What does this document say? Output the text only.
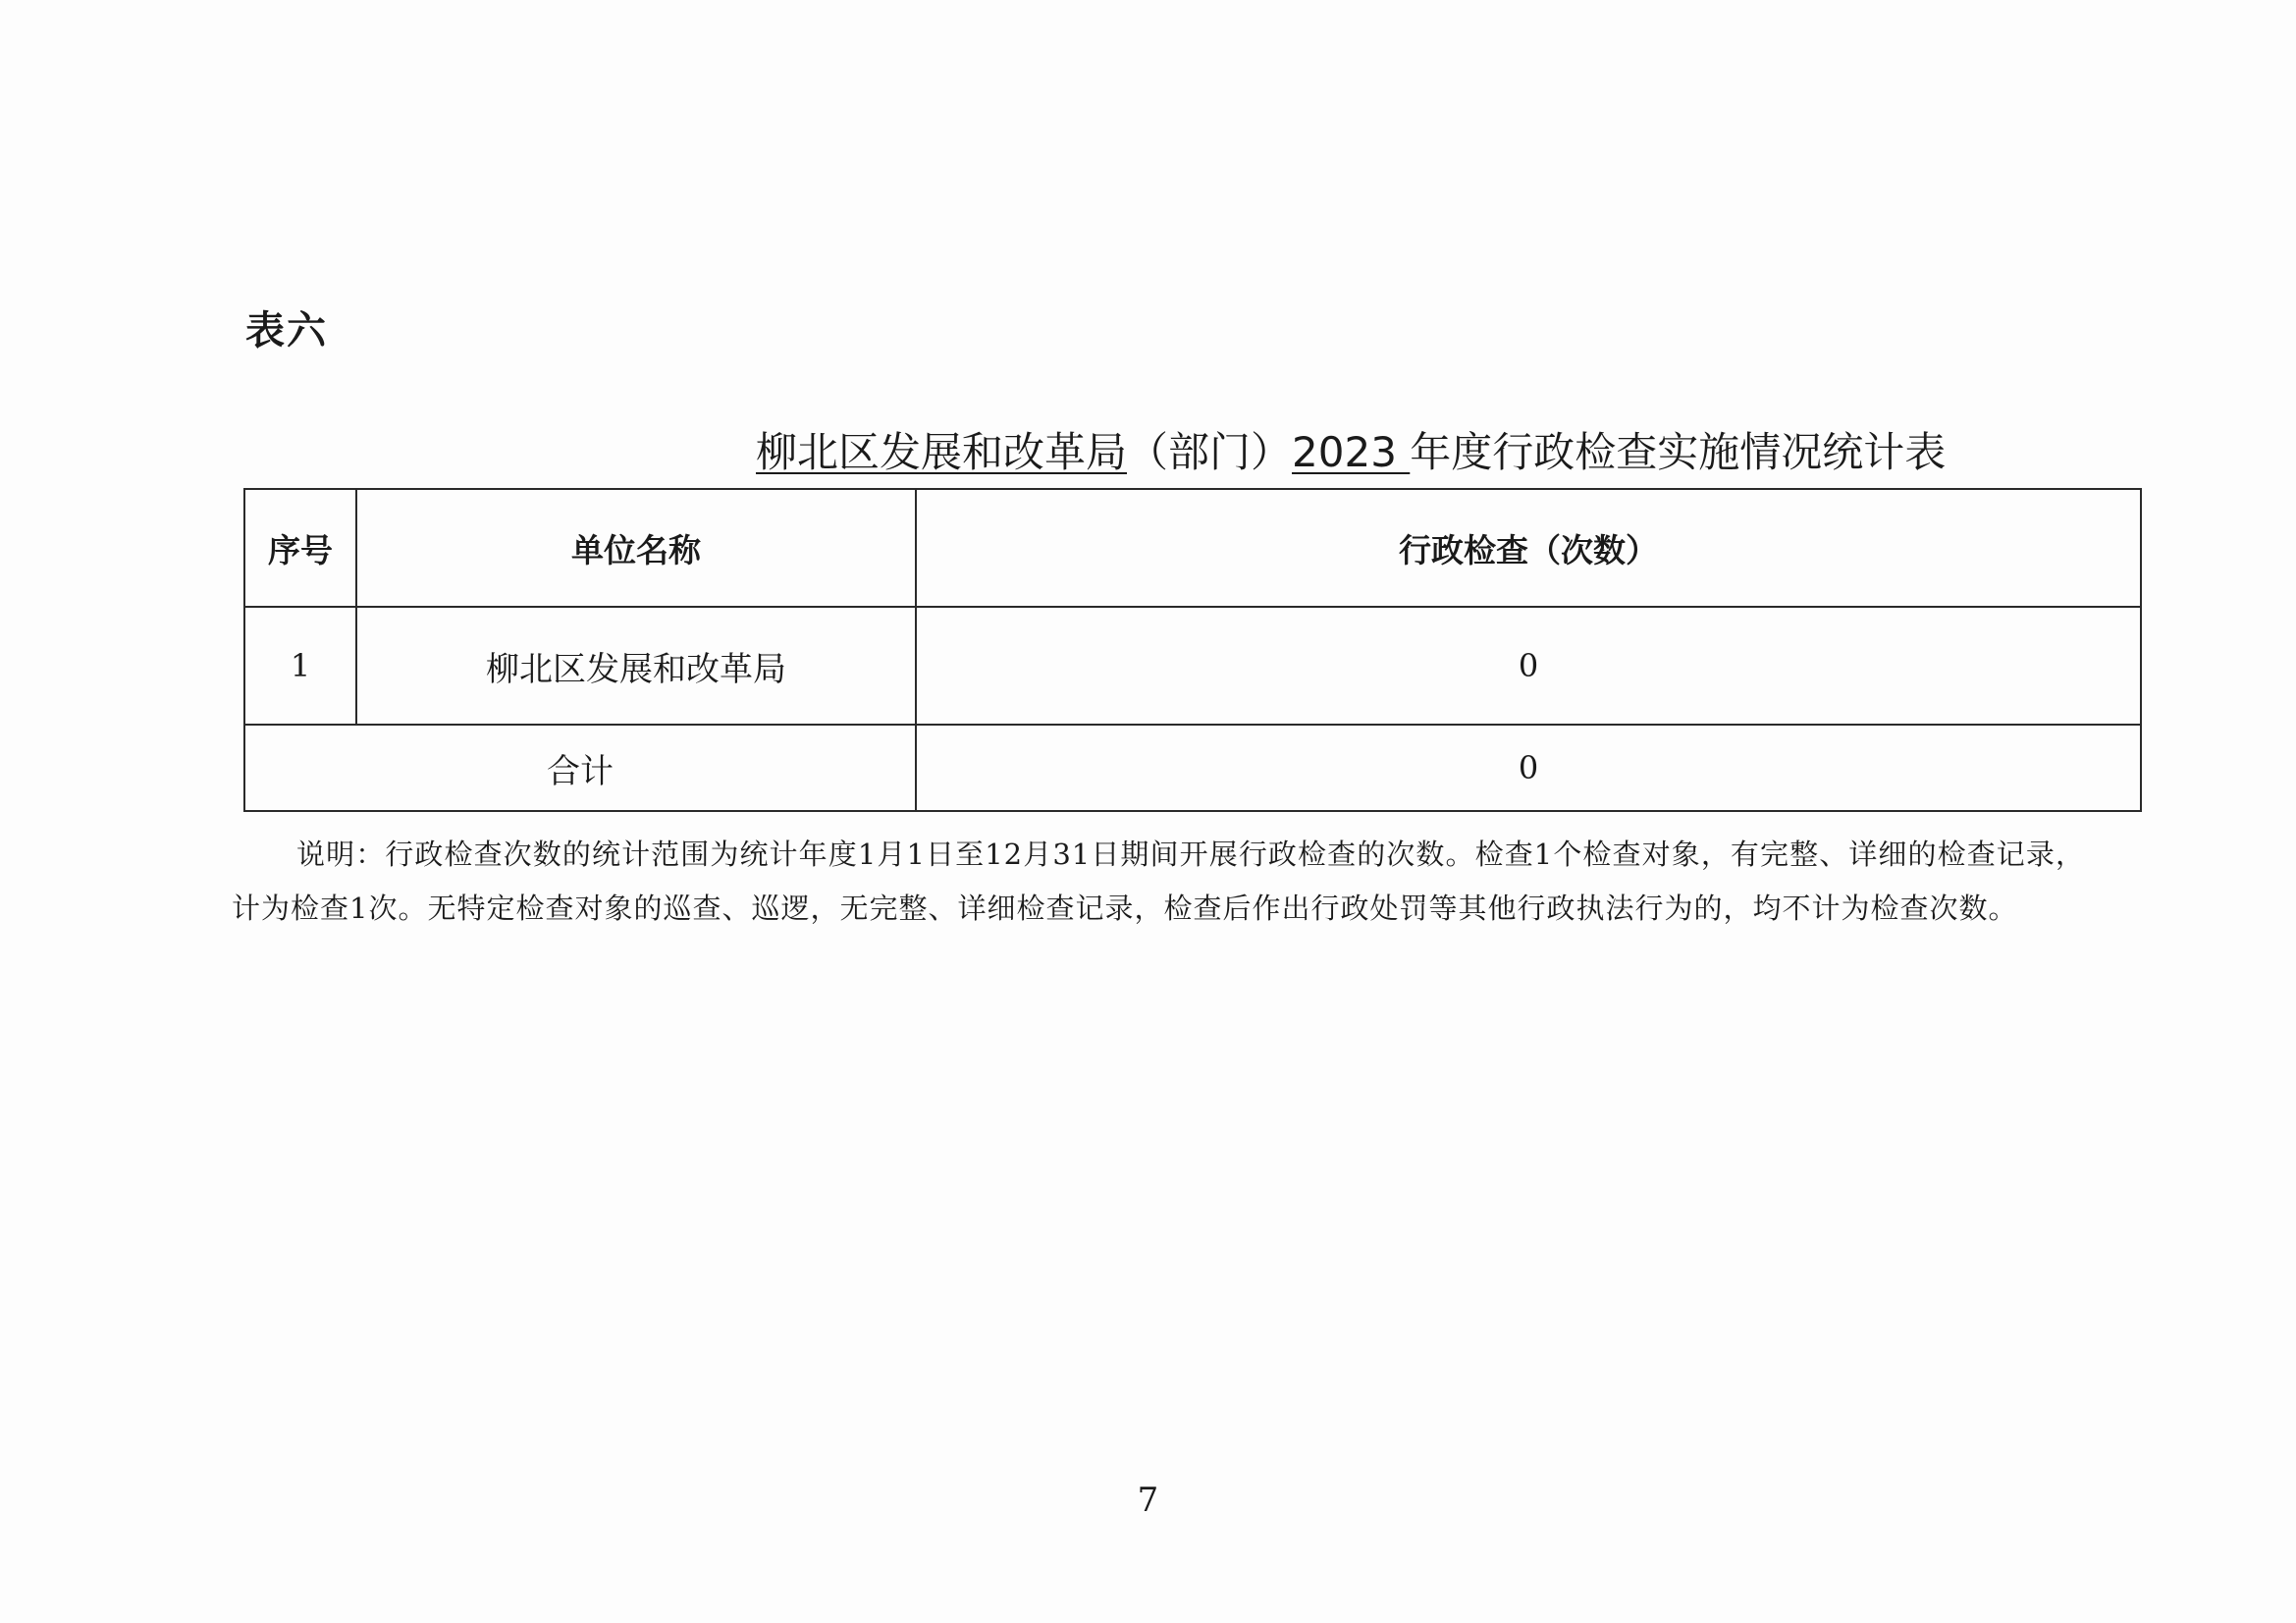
表六
柳北区发展和改革局（部门）2023 年度行政检查实施情况统计表
序号	单位名称	行政检查（次数）
1	柳北区发展和改革局	0
合计		0
说明：行政检查次数的统计范围为统计年度1月1日至12月31日期间开展行政检查的次数。检查1个检查对象，有完整、详细的检查记录，计为检查1次。无特定检查对象的巡查、巡逻，无完整、详细检查记录，检查后作出行政处罚等其他行政执法行为的，均不计为检查次数。
7
